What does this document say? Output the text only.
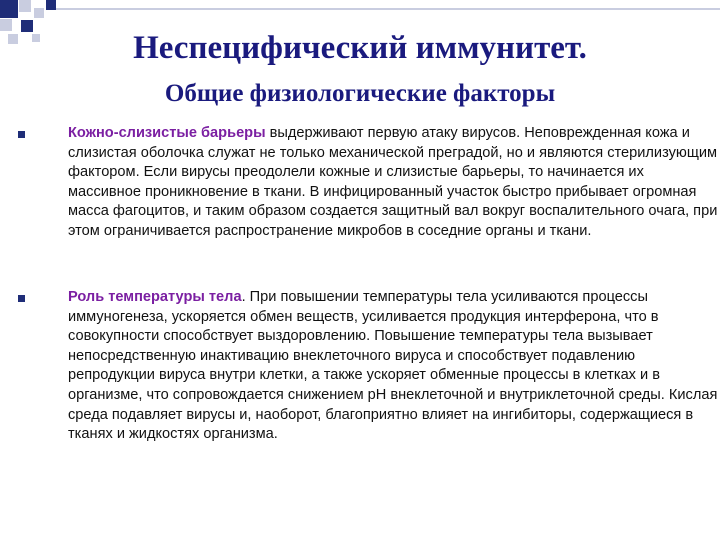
Неспецифический иммунитет.
Общие физиологические факторы

Кожно-слизистые барьеры выдерживают первую атаку вирусов. Неповрежденная кожа и слизистая оболочка служат не только механической преградой, но и являются стерилизующим фактором. Если вирусы преодолели кожные и слизистые барьеры, то начинается их массивное проникновение в ткани. В инфицированный участок быстро прибывает огромная масса фагоцитов, и таким образом создается защитный вал вокруг воспалительного очага, при этом ограничивается распространение микробов в соседние органы и ткани.

Роль температуры тела. При повышении температуры тела усиливаются процессы иммуногенеза, ускоряется обмен веществ, усиливается продукция интерферона, что в совокупности способствует выздоровлению. Повышение температуры тела вызывает непосредственную инактивацию внеклеточного вируса и способствует подавлению репродукции вируса внутри клетки, а также ускоряет обменные процессы в клетках и в организме, что сопровождается снижением pH внеклеточной и внутриклеточной среды. Кислая среда подавляет вирусы и, наоборот, благоприятно влияет на ингибиторы, содержащиеся в тканях и жидкостях организма.
